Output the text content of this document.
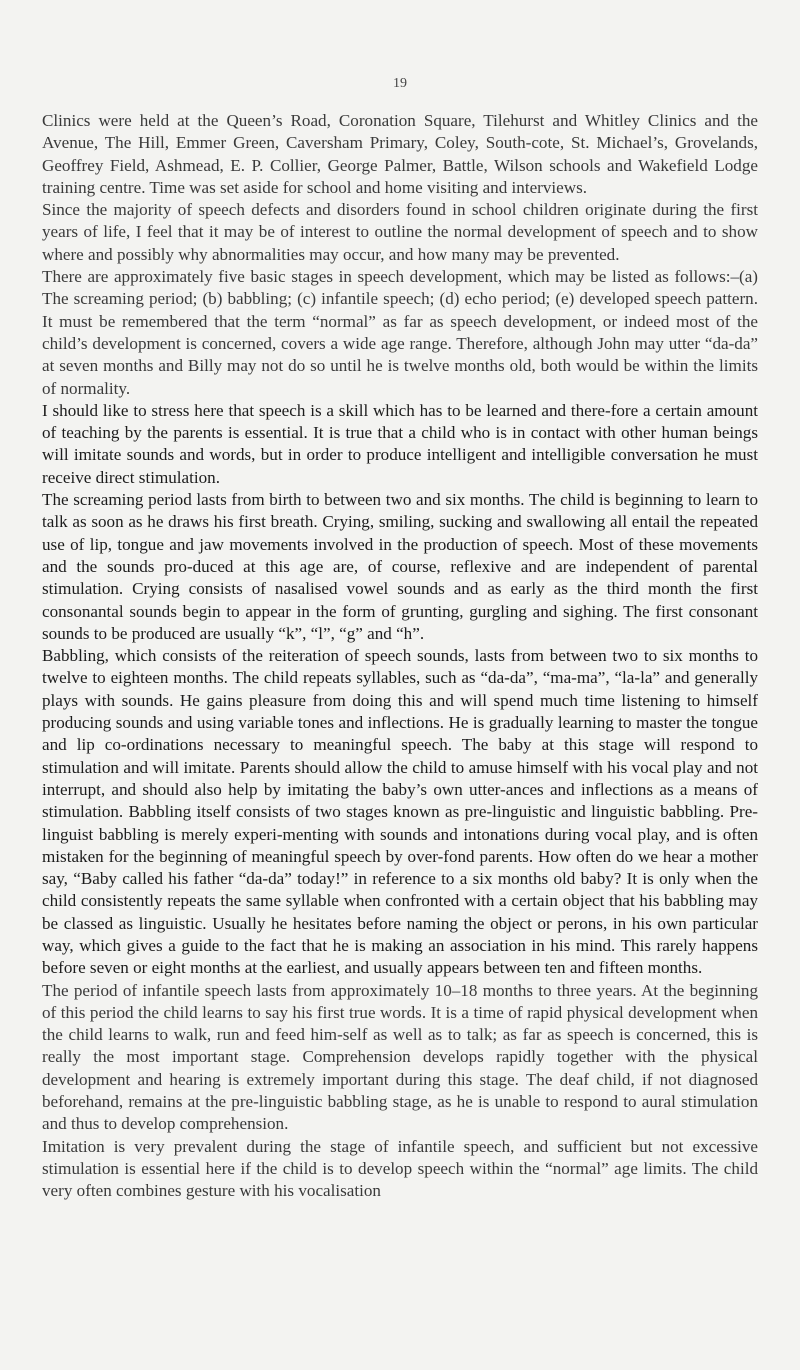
19

Clinics were held at the Queen’s Road, Coronation Square, Tilehurst and Whitley Clinics and the Avenue, The Hill, Emmer Green, Caversham Primary, Coley, South-cote, St. Michael’s, Grovelands, Geoffrey Field, Ashmead, E. P. Collier, George Palmer, Battle, Wilson schools and Wakefield Lodge training centre. Time was set aside for school and home visiting and interviews.

Since the majority of speech defects and disorders found in school children originate during the first years of life, I feel that it may be of interest to outline the normal development of speech and to show where and possibly why abnormalities may occur, and how many may be prevented.

There are approximately five basic stages in speech development, which may be listed as follows:–(a) The screaming period; (b) babbling; (c) infantile speech; (d) echo period; (e) developed speech pattern. It must be remembered that the term “normal” as far as speech development, or indeed most of the child’s development is concerned, covers a wide age range. Therefore, although John may utter “da-da” at seven months and Billy may not do so until he is twelve months old, both would be within the limits of normality.

I should like to stress here that speech is a skill which has to be learned and there-fore a certain amount of teaching by the parents is essential. It is true that a child who is in contact with other human beings will imitate sounds and words, but in order to produce intelligent and intelligible conversation he must receive direct stimulation.

The screaming period lasts from birth to between two and six months. The child is beginning to learn to talk as soon as he draws his first breath. Crying, smiling, sucking and swallowing all entail the repeated use of lip, tongue and jaw movements involved in the production of speech. Most of these movements and the sounds pro-duced at this age are, of course, reflexive and are independent of parental stimulation. Crying consists of nasalised vowel sounds and as early as the third month the first consonantal sounds begin to appear in the form of grunting, gurgling and sighing. The first consonant sounds to be produced are usually “k”, “l”, “g” and “h”.

Babbling, which consists of the reiteration of speech sounds, lasts from between two to six months to twelve to eighteen months. The child repeats syllables, such as “da-da”, “ma-ma”, “la-la” and generally plays with sounds. He gains pleasure from doing this and will spend much time listening to himself producing sounds and using variable tones and inflections. He is gradually learning to master the tongue and lip co-ordinations necessary to meaningful speech. The baby at this stage will respond to stimulation and will imitate. Parents should allow the child to amuse himself with his vocal play and not interrupt, and should also help by imitating the baby’s own utter-ances and inflections as a means of stimulation. Babbling itself consists of two stages known as pre-linguistic and linguistic babbling. Pre-linguist babbling is merely experi-menting with sounds and intonations during vocal play, and is often mistaken for the beginning of meaningful speech by over-fond parents. How often do we hear a mother say, “Baby called his father “da-da” today!” in reference to a six months old baby? It is only when the child consistently repeats the same syllable when confronted with a certain object that his babbling may be classed as linguistic. Usually he hesitates before naming the object or perons, in his own particular way, which gives a guide to the fact that he is making an association in his mind. This rarely happens before seven or eight months at the earliest, and usually appears between ten and fifteen months.

The period of infantile speech lasts from approximately 10–18 months to three years. At the beginning of this period the child learns to say his first true words. It is a time of rapid physical development when the child learns to walk, run and feed him-self as well as to talk; as far as speech is concerned, this is really the most important stage. Comprehension develops rapidly together with the physical development and hearing is extremely important during this stage. The deaf child, if not diagnosed beforehand, remains at the pre-linguistic babbling stage, as he is unable to respond to aural stimulation and thus to develop comprehension.

Imitation is very prevalent during the stage of infantile speech, and sufficient but not excessive stimulation is essential here if the child is to develop speech within the “normal” age limits. The child very often combines gesture with his vocalisation
